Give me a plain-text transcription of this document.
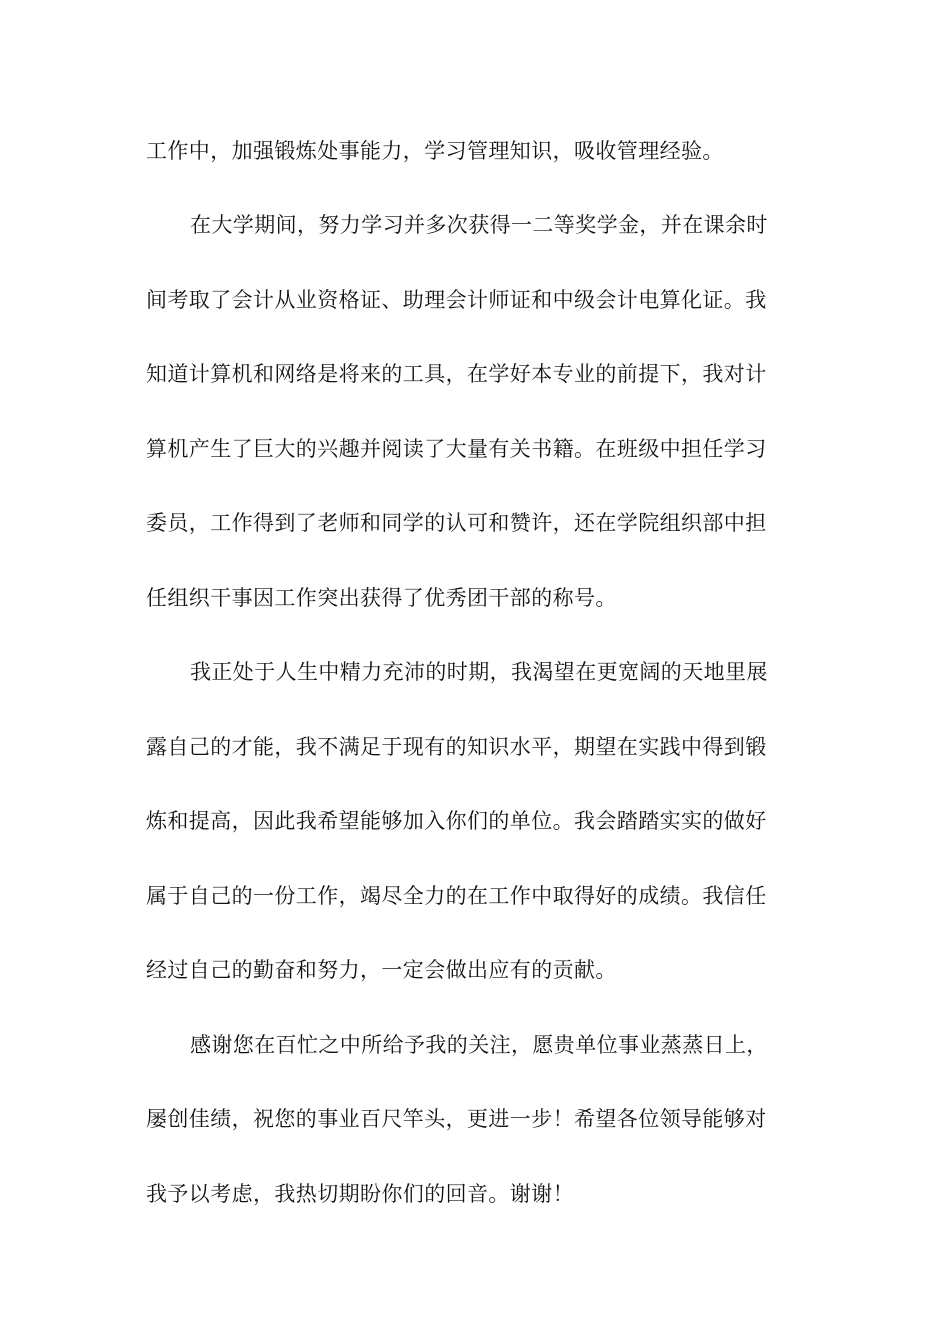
工作中，加强锻炼处事能力，学习管理知识，吸收管理经验。
在大学期间，努力学习并多次获得一二等奖学金，并在课余时
间考取了会计从业资格证、助理会计师证和中级会计电算化证。我
知道计算机和网络是将来的工具，在学好本专业的前提下，我对计
算机产生了巨大的兴趣并阅读了大量有关书籍。在班级中担任学习
委员，工作得到了老师和同学的认可和赞许，还在学院组织部中担
任组织干事因工作突出获得了优秀团干部的称号。
我正处于人生中精力充沛的时期，我渴望在更宽阔的天地里展
露自己的才能，我不满足于现有的知识水平，期望在实践中得到锻
炼和提高，因此我希望能够加入你们的单位。我会踏踏实实的做好
属于自己的一份工作，竭尽全力的在工作中取得好的成绩。我信任
经过自己的勤奋和努力，一定会做出应有的贡献。
感谢您在百忙之中所给予我的关注，愿贵单位事业蒸蒸日上，
屡创佳绩，祝您的事业百尺竿头，更进一步！希望各位领导能够对
我予以考虑，我热切期盼你们的回音。谢谢！
